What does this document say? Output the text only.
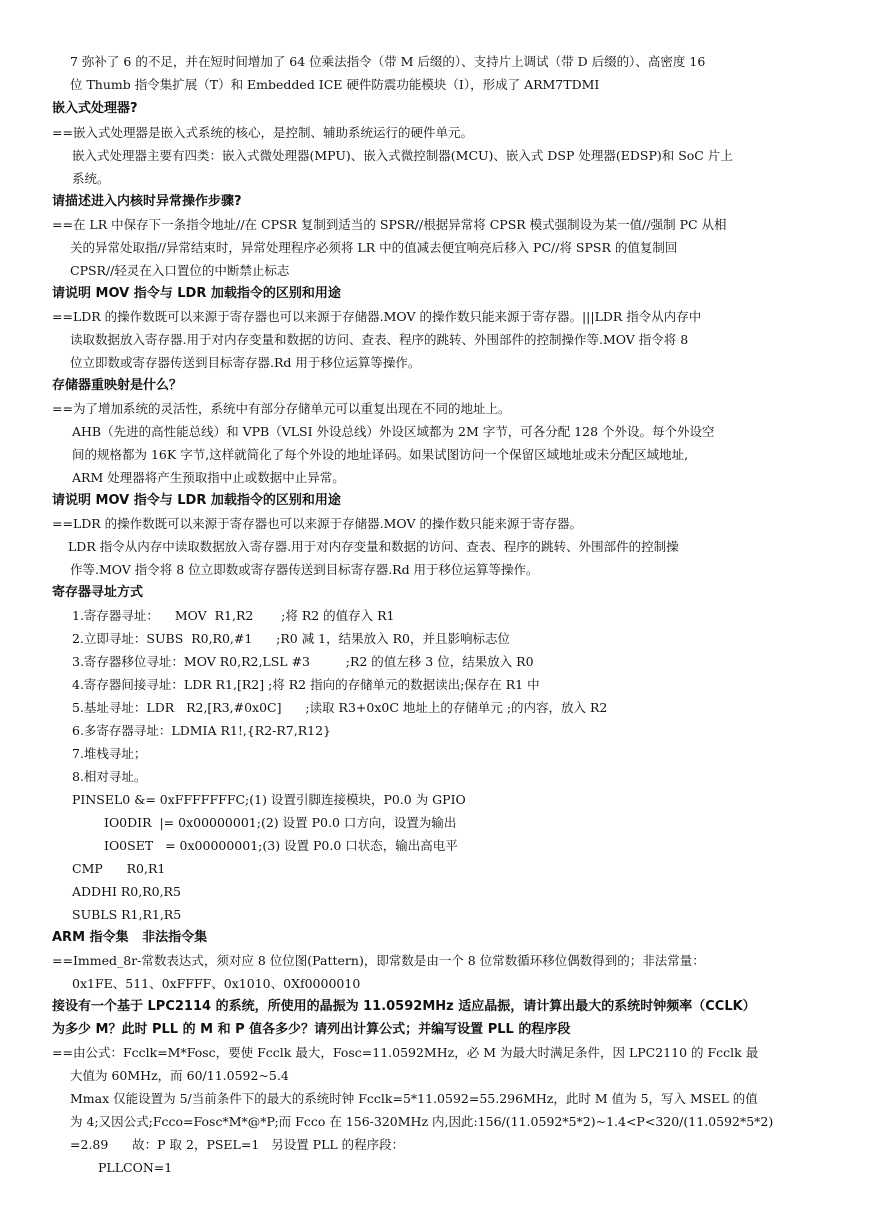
7 弥补了 6 的不足，并在短时间增加了 64 位乘法指令（带 M 后缀的）、支持片上调试（带 D 后缀的）、高密度 16
位 Thumb 指令集扩展（T）和 Embedded ICE 硬件防震功能模块（I），形成了 ARM7TDMI
嵌入式处理器?
==嵌入式处理器是嵌入式系统的核心，是控制、辅助系统运行的硬件单元。
嵌入式处理器主要有四类：嵌入式微处理器(MPU)、嵌入式微控制器(MCU)、嵌入式 DSP 处理器(EDSP)和 SoC 片上
系统。
请描述进入内核时异常操作步骤?
==在 LR 中保存下一条指令地址//在 CPSR 复制到适当的 SPSR//根据异常将 CPSR 模式强制设为某一值//强制 PC 从相
关的异常处取指//异常结束时，异常处理程序必须将 LR 中的值减去便宜响亮后移入 PC//将 SPSR 的值复制回
CPSR//轻灵在入口置位的中断禁止标志
请说明 MOV 指令与 LDR 加载指令的区别和用途
==LDR 的操作数既可以来源于寄存器也可以来源于存储器.MOV 的操作数只能来源于寄存器。|||LDR 指令从内存中
读取数据放入寄存器.用于对内存变量和数据的访问、查表、程序的跳转、外围部件的控制操作等.MOV 指令将 8
位立即数或寄存器传送到目标寄存器.Rd 用于移位运算等操作。
存储器重映射是什么？
==为了增加系统的灵活性，系统中有部分存储单元可以重复出现在不同的地址上。
AHB（先进的高性能总线）和 VPB（VLSI 外设总线）外设区域都为 2M 字节，可各分配 128 个外设。每个外设空
间的规格都为 16K 字节,这样就简化了每个外设的地址译码。如果试图访问一个保留区域地址或未分配区域地址,
ARM 处理器将产生预取指中止或数据中止异常。
请说明 MOV 指令与 LDR 加载指令的区别和用途
==LDR 的操作数既可以来源于寄存器也可以来源于存储器.MOV 的操作数只能来源于寄存器。
LDR 指令从内存中读取数据放入寄存器.用于对内存变量和数据的访问、查表、程序的跳转、外围部件的控制操
作等.MOV 指令将 8 位立即数或寄存器传送到目标寄存器.Rd 用于移位运算等操作。
寄存器寻址方式
1.寄存器寻址：    MOV  R1,R2       ;将 R2 的值存入 R1
2.立即寻址：SUBS  R0,R0,#1      ;R0 减 1，结果放入 R0，并且影响标志位
3.寄存器移位寻址：MOV R0,R2,LSL #3         ;R2 的值左移 3 位，结果放入 R0
4.寄存器间接寻址：LDR R1,[R2] ;将 R2 指向的存储单元的数据读出;保存在 R1 中
5.基址寻址：LDR   R2,[R3,#0x0C]      ;读取 R3+0x0C 地址上的存储单元 ;的内容，放入 R2
6.多寄存器寻址：LDMIA R1!,{R2-R7,R12}
7.堆栈寻址；
8.相对寻址。
PINSEL0 &= 0xFFFFFFFC;(1) 设置引脚连接模块，P0.0 为 GPIO
IO0DIR  |= 0x00000001;(2) 设置 P0.0 口方向，设置为输出
IO0SET   = 0x00000001;(3) 设置 P0.0 口状态，输出高电平
CMP      R0,R1
ADDHI R0,R0,R5
SUBLS R1,R1,R5
ARM 指令集   非法指令集
==Immed_8r-常数表达式，须对应 8 位位图(Pattern)，即常数是由一个 8 位常数循环移位偶数得到的；非法常量：
0x1FE、511、0xFFFF、0x1010、0Xf0000010
接设有一个基于 LPC2114 的系统，所使用的晶振为 11.0592MHz 适应晶振，请计算出最大的系统时钟频率（CCLK）
为多少 M？此时 PLL 的 M 和 P 值各多少？请列出计算公式；并编写设置 PLL 的程序段
==由公式：Fcclk=M*Fosc，要使 Fcclk 最大，Fosc=11.0592MHz，必 M 为最大时满足条件，因 LPC2110 的 Fcclk 最
大值为 60MHz，而 60/11.0592~5.4
Mmax 仅能设置为 5/当前条件下的最大的系统时钟 Fcclk=5*11.0592=55.296MHz，此时 M 值为 5，写入 MSEL 的值
为 4;又因公式;Fcco=Fosc*M*@*P;而 Fcco 在 156-320MHz 内,因此:156/(11.0592*5*2)~1.4<P<320/(11.0592*5*2)
=2.89      故：P 取 2，PSEL=1   另设置 PLL 的程序段：
PLLCON=1
